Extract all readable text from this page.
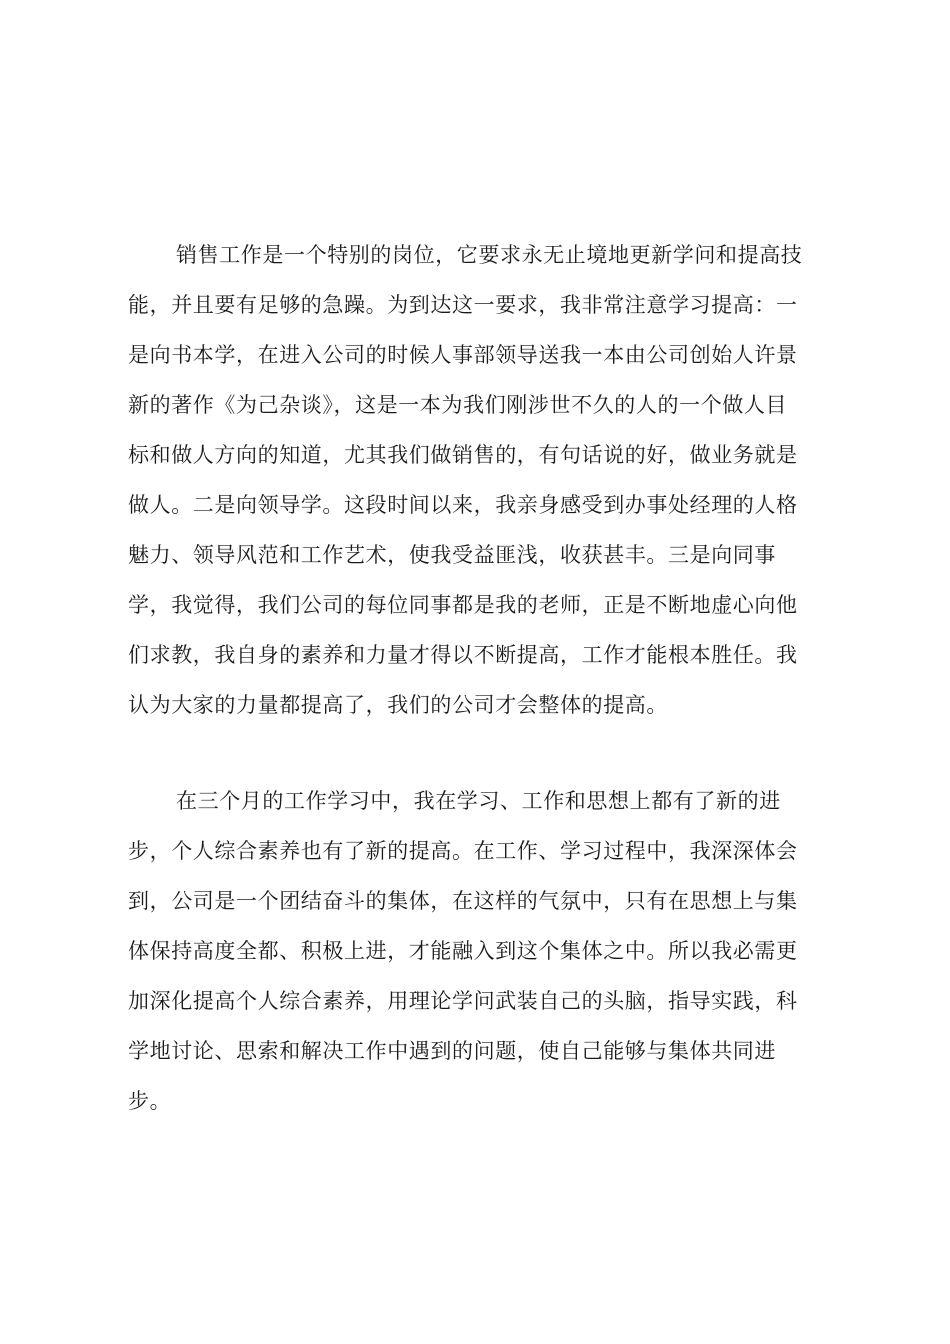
销售工作是一个特别的岗位，它要求永无止境地更新学问和提高技
能，并且要有足够的急躁。为到达这一要求，我非常注意学习提高：一
是向书本学，在进入公司的时候人事部领导送我一本由公司创始人许景
新的著作《为己杂谈》，这是一本为我们刚涉世不久的人的一个做人目
标和做人方向的知道，尤其我们做销售的，有句话说的好，做业务就是
做人。二是向领导学。这段时间以来，我亲身感受到办事处经理的人格
魅力、领导风范和工作艺术，使我受益匪浅，收获甚丰。三是向同事
学，我觉得，我们公司的每位同事都是我的老师，正是不断地虚心向他
们求教，我自身的素养和力量才得以不断提高，工作才能根本胜任。我
认为大家的力量都提高了，我们的公司才会整体的提高。
在三个月的工作学习中，我在学习、工作和思想上都有了新的进
步，个人综合素养也有了新的提高。在工作、学习过程中，我深深体会
到，公司是一个团结奋斗的集体，在这样的气氛中，只有在思想上与集
体保持高度全都、积极上进，才能融入到这个集体之中。所以我必需更
加深化提高个人综合素养，用理论学问武装自己的头脑，指导实践，科
学地讨论、思索和解决工作中遇到的问题，使自己能够与集体共同进
步。
